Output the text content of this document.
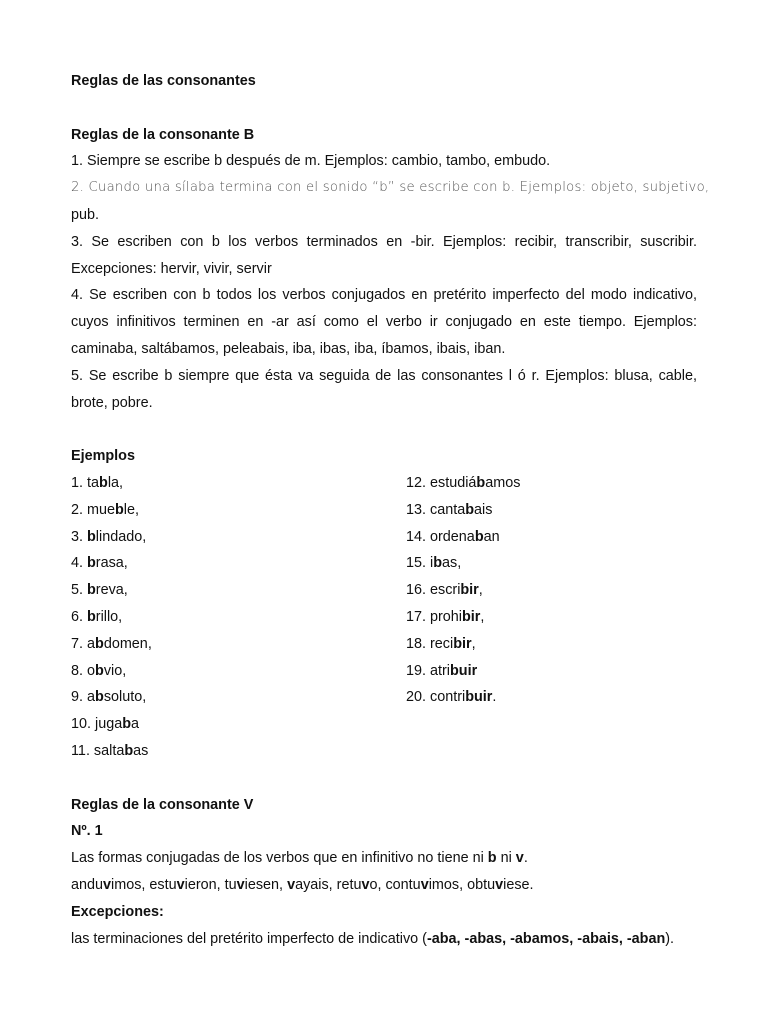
Reglas de las consonantes
Reglas de la consonante B
1. Siempre se escribe b después de m. Ejemplos: cambio, tambo, embudo.
2. Cuando una sílaba termina con el sonido “b” se escribe con b. Ejemplos: objeto, subjetivo,
pub.
3. Se escriben con b los verbos terminados en -bir. Ejemplos: recibir, transcribir, suscribir.
Excepciones: hervir, vivir, servir
4. Se escriben con b todos los verbos conjugados en pretérito imperfecto del modo indicativo,
cuyos infinitivos terminen en -ar así como el verbo ir conjugado en este tiempo. Ejemplos:
caminaba, saltábamos, peleabais, iba, ibas, iba, íbamos, ibais, iban.
5. Se escribe b siempre que ésta va seguida de las consonantes l ó r. Ejemplos: blusa, cable,
brote, pobre.
Ejemplos
1. tabla,
2. mueble,
3. blindado,
4. brasa,
5. breva,
6. brillo,
7. abdomen,
8. obvio,
9. absoluto,
10. jugaba
11. saltabas
12. estudiábamos
13. cantabais
14. ordenaban
15. ibas,
16. escribir,
17. prohibir,
18. recibir,
19. atribuir
20. contribuir.
Reglas de la consonante V
Nº. 1
Las formas conjugadas de los verbos que en infinitivo no tiene ni b ni v.
anduvimos, estuvieron, tuviesen, vayais, retuvo, contuvimos, obtuviese.
Excepciones:
las terminaciones del pretérito imperfecto de indicativo (-aba, -abas, -abamos, -abais, -aban).
